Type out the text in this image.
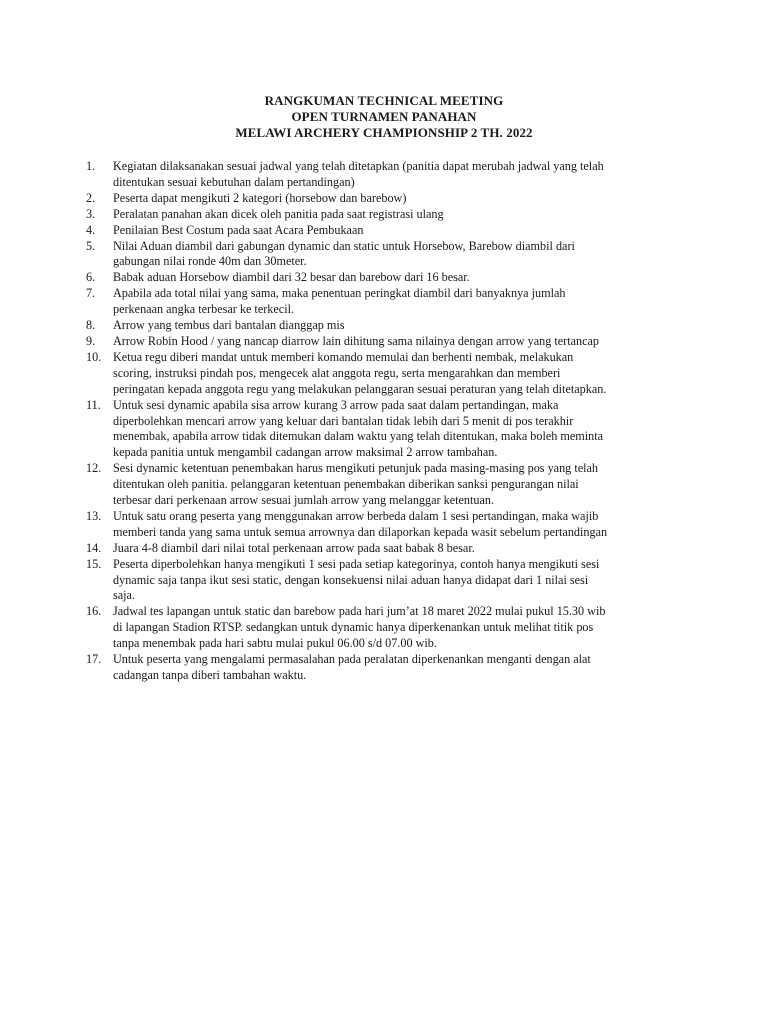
RANGKUMAN TECHNICAL MEETING
OPEN TURNAMEN PANAHAN
MELAWI ARCHERY CHAMPIONSHIP 2 TH. 2022
1.	Kegiatan dilaksanakan sesuai jadwal yang telah ditetapkan (panitia dapat merubah jadwal yang telah
ditentukan sesuai kebutuhan dalam pertandingan)
2.	Peserta dapat mengikuti 2 kategori (horsebow dan barebow)
3.	Peralatan panahan akan dicek oleh panitia pada saat registrasi ulang
4.	Penilaian Best Costum pada saat Acara Pembukaan
5.	Nilai Aduan diambil dari gabungan dynamic dan static untuk Horsebow, Barebow diambil dari
gabungan nilai ronde 40m dan 30meter.
6.	Babak aduan Horsebow diambil dari 32 besar dan barebow dari 16 besar.
7.	Apabila ada total nilai yang sama, maka penentuan peringkat diambil dari banyaknya jumlah
perkenaan angka terbesar ke terkecil.
8.	Arrow yang tembus dari bantalan dianggap mis
9.	Arrow Robin Hood / yang nancap diarrow lain dihitung sama nilainya dengan arrow yang tertancap
10. Ketua regu diberi mandat untuk memberi komando memulai dan berhenti nembak, melakukan
scoring, instruksi pindah pos, mengecek alat anggota regu, serta mengarahkan dan memberi
peringatan kepada anggota regu yang melakukan pelanggaran sesuai peraturan yang telah ditetapkan.
11.	Untuk sesi dynamic apabila sisa arrow kurang 3 arrow pada saat dalam pertandingan, maka
diperbolehkan mencari arrow yang keluar dari bantalan tidak lebih dari 5 menit di pos terakhir
menembak, apabila arrow tidak ditemukan dalam waktu yang telah ditentukan, maka boleh meminta
kepada panitia untuk mengambil cadangan arrow maksimal 2 arrow tambahan.
12. Sesi dynamic ketentuan penembakan harus mengikuti petunjuk pada masing-masing pos yang telah
ditentukan oleh panitia. pelanggaran ketentuan penembakan diberikan sanksi pengurangan nilai
terbesar dari perkenaan arrow sesuai jumlah arrow yang melanggar ketentuan.
13. Untuk satu orang peserta yang menggunakan arrow berbeda dalam 1 sesi pertandingan, maka wajib
memberi tanda yang sama untuk semua arrownya dan dilaporkan kepada wasit sebelum pertandingan
14. Juara 4-8 diambil dari nilai total perkenaan arrow pada saat babak 8 besar.
15. Peserta diperbolehkan hanya mengikuti 1 sesi pada setiap kategorinya, contoh hanya mengikuti sesi
dynamic saja tanpa ikut sesi static, dengan konsekuensi nilai aduan hanya didapat dari 1 nilai sesi
saja.
16. Jadwal tes lapangan untuk static dan barebow pada hari jum’at 18 maret 2022 mulai pukul 15.30 wib
di lapangan Stadion RTSP. sedangkan untuk dynamic hanya diperkenankan untuk melihat titik pos
tanpa menembak pada hari sabtu mulai pukul 06.00 s/d 07.00 wib.
17. Untuk peserta yang mengalami permasalahan pada peralatan diperkenankan menganti dengan alat
cadangan tanpa diberi tambahan waktu.
